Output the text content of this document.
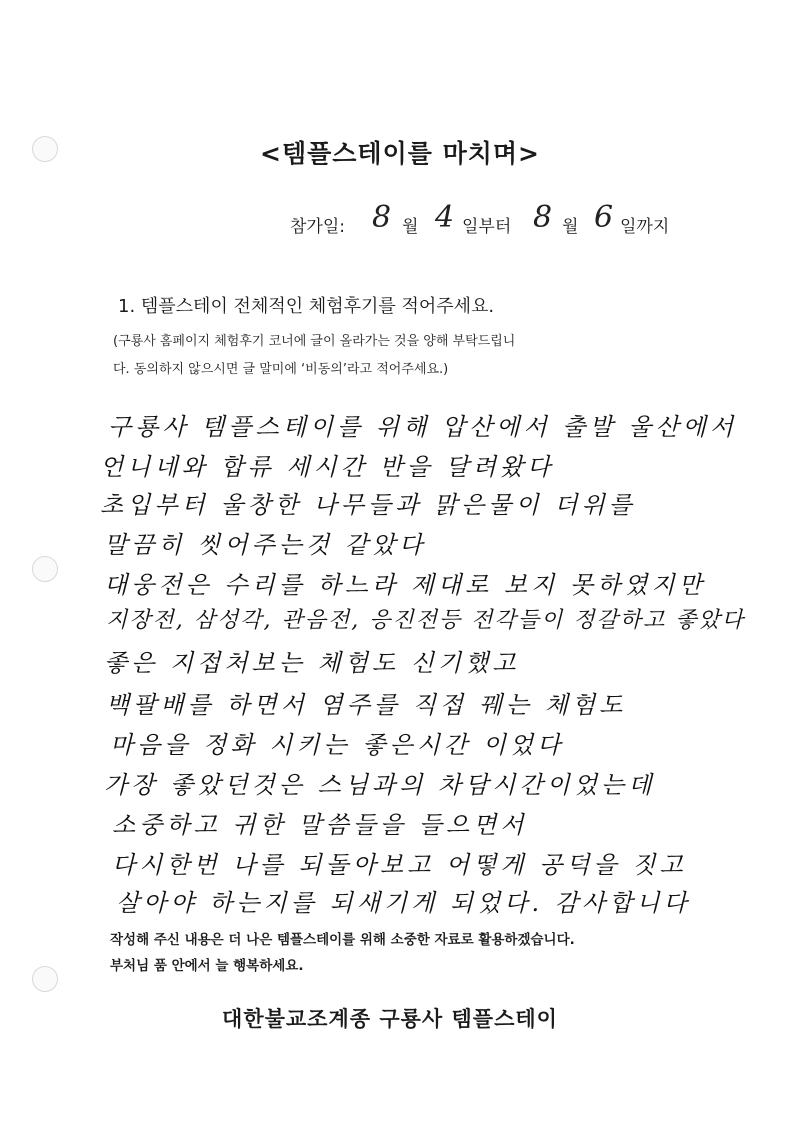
<템플스테이를 마치며>
참가일: 8 월 4 일부터 8 월 6 일까지
1. 템플스테이 전체적인 체험후기를 적어주세요.
(구룡사 홈페이지 체험후기 코너에 글이 올라가는 것을 양해 부탁드립니
다. 동의하지 않으시면 글 말미에 ‘비동의’라고 적어주세요.)
구룡사 템플스테이를 위해 압산에서 출발 울산에서
언니네와 합류 세시간 반을 달려왔다
초입부터 울창한 나무들과 맑은물이 더위를
말끔히 씻어주는것 같았다
대웅전은 수리를 하느라 제대로 보지 못하였지만
지장전, 삼성각, 관음전, 응진전등 전각들이 정갈하고 좋았다
좋은 지접처보는 체험도 신기했고
백팔배를 하면서 염주를 직접 꿰는 체험도
마음을 정화 시키는 좋은시간 이었다
가장 좋았던것은 스님과의 차담시간이었는데
소중하고 귀한 말씀들을 들으면서
다시한번 나를 되돌아보고 어떻게 공덕을 짓고
살아야 하는지를 되새기게 되었다. 감사합니다
작성해 주신 내용은 더 나은 템플스테이를 위해 소중한 자료로 활용하겠습니다.
부처님 품 안에서 늘 행복하세요.
대한불교조계종 구룡사 템플스테이
